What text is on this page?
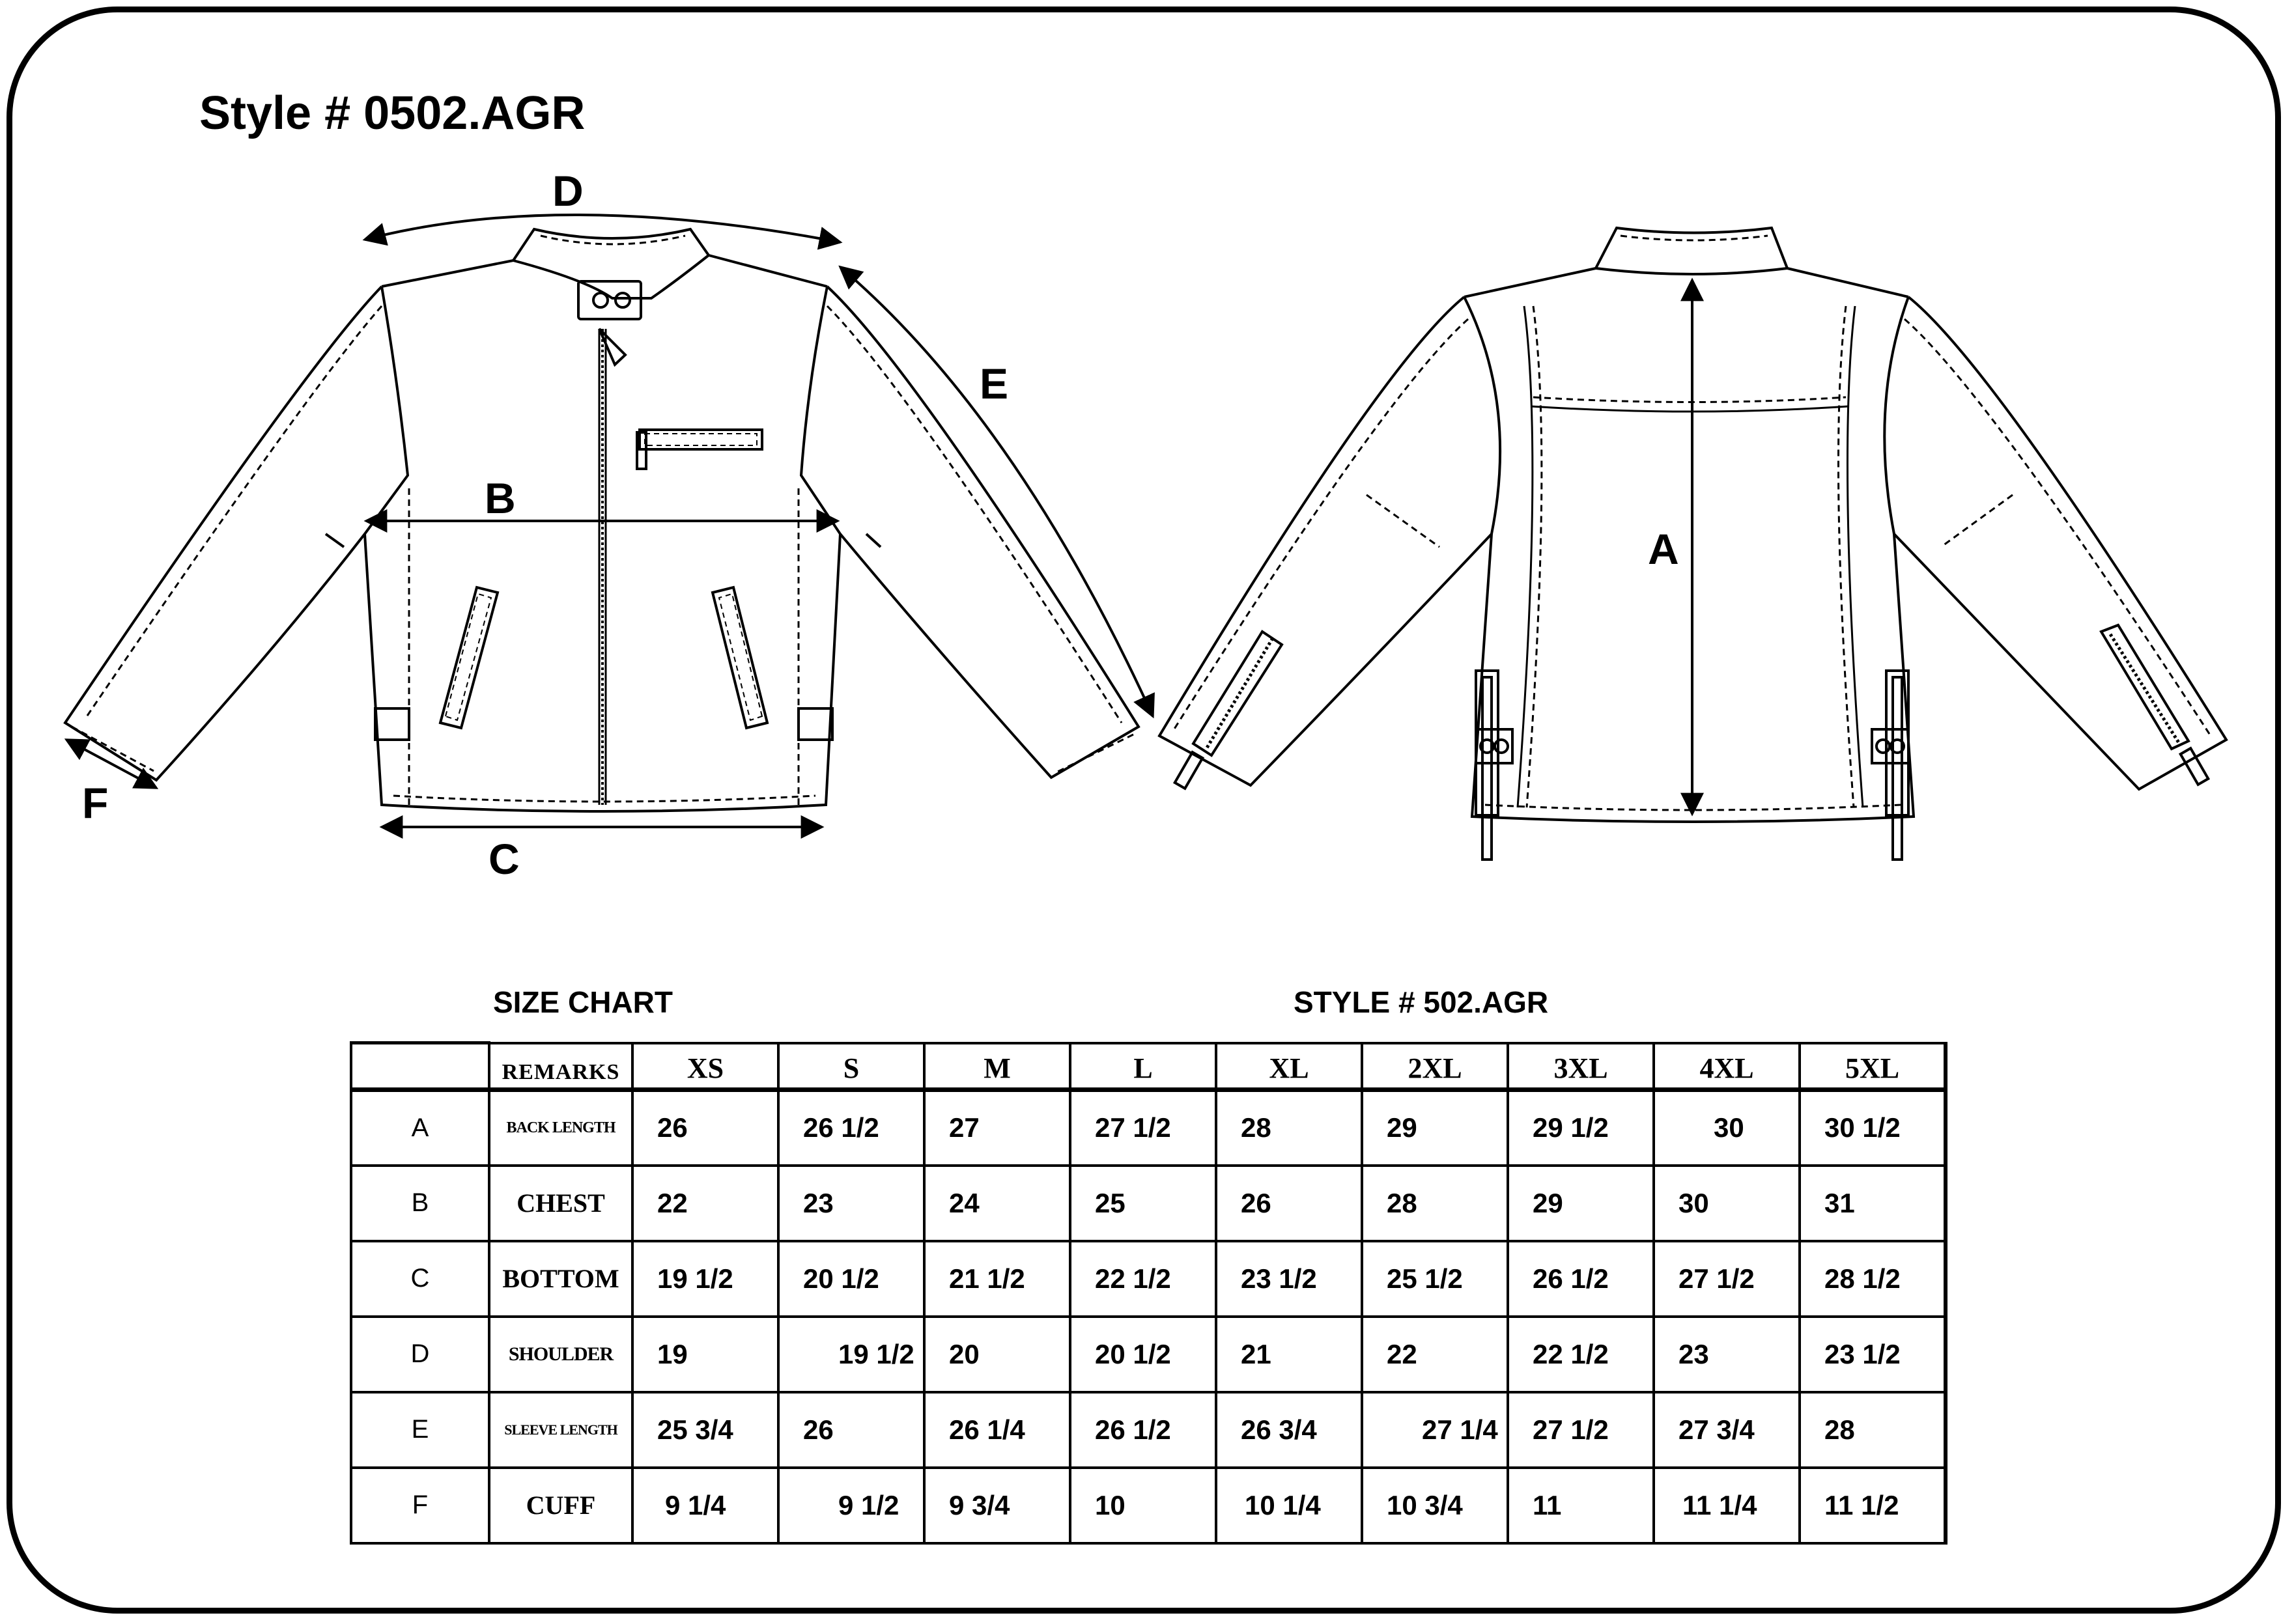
Style # 0502.AGR
D
E
B
C
F
A
SIZE CHART	STYLE # 502.AGR
	REMARKS	XS	S	M	L	XL	2XL	3XL	4XL	5XL
A	BACK LENGTH	26	26 1/2	27	27 1/2	28	29	29 1/2	30	30 1/2
B	CHEST	22	23	24	25	26	28	29	30	31
C	BOTTOM	19 1/2	20 1/2	21 1/2	22 1/2	23 1/2	25 1/2	26 1/2	27 1/2	28 1/2
D	SHOULDER	19	19 1/2	20	20 1/2	21	22	22 1/2	23	23 1/2
E	SLEEVE LENGTH	25 3/4	26	26 1/4	26 1/2	26 3/4	27 1/4	27 1/2	27 3/4	28
F	CUFF	9 1/4	9 1/2	9 3/4	10	10 1/4	10 3/4	11	11 1/4	11 1/2
